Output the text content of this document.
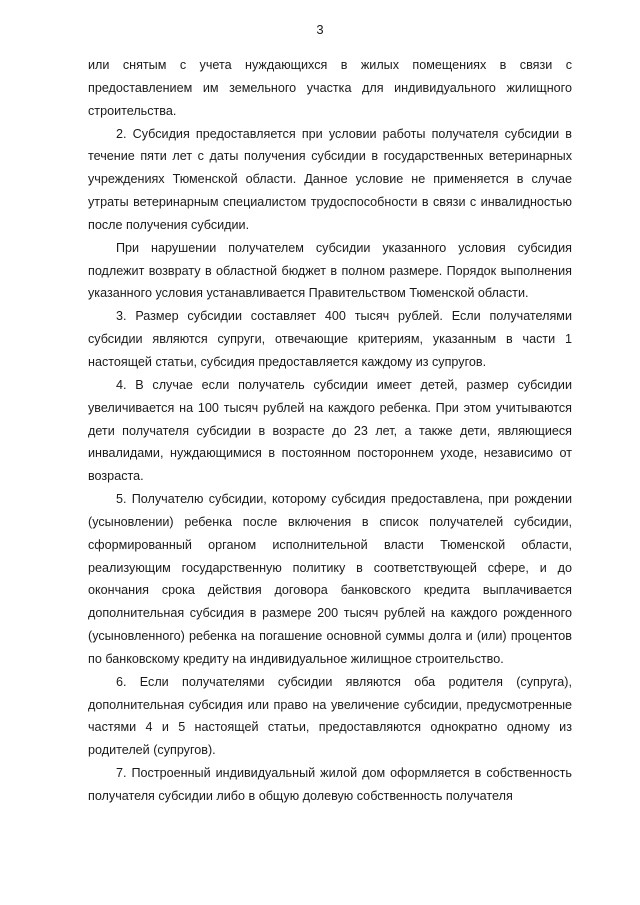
3

или снятым с учета нуждающихся в жилых помещениях в связи с предоставлением им земельного участка для индивидуального жилищного строительства.

2. Субсидия предоставляется при условии работы получателя субсидии в течение пяти лет с даты получения субсидии в государственных ветеринарных учреждениях Тюменской области. Данное условие не применяется в случае утраты ветеринарным специалистом трудоспособности в связи с инвалидностью после получения субсидии.

При нарушении получателем субсидии указанного условия субсидия подлежит возврату в областной бюджет в полном размере. Порядок выполнения указанного условия устанавливается Правительством Тюменской области.

3. Размер субсидии составляет 400 тысяч рублей. Если получателями субсидии являются супруги, отвечающие критериям, указанным в части 1 настоящей статьи, субсидия предоставляется каждому из супругов.

4. В случае если получатель субсидии имеет детей, размер субсидии увеличивается на 100 тысяч рублей на каждого ребенка. При этом учитываются дети получателя субсидии в возрасте до 23 лет, а также дети, являющиеся инвалидами, нуждающимися в постоянном постороннем уходе, независимо от возраста.

5. Получателю субсидии, которому субсидия предоставлена, при рождении (усыновлении) ребенка после включения в список получателей субсидии, сформированный органом исполнительной власти Тюменской области, реализующим государственную политику в соответствующей сфере, и до окончания срока действия договора банковского кредита выплачивается дополнительная субсидия в размере 200 тысяч рублей на каждого рожденного (усыновленного) ребенка на погашение основной суммы долга и (или) процентов по банковскому кредиту на индивидуальное жилищное строительство.

6. Если получателями субсидии являются оба родителя (супруга), дополнительная субсидия или право на увеличение субсидии, предусмотренные частями 4 и 5 настоящей статьи, предоставляются однократно одному из родителей (супругов).

7. Построенный индивидуальный жилой дом оформляется в собственность получателя субсидии либо в общую долевую собственность получателя
